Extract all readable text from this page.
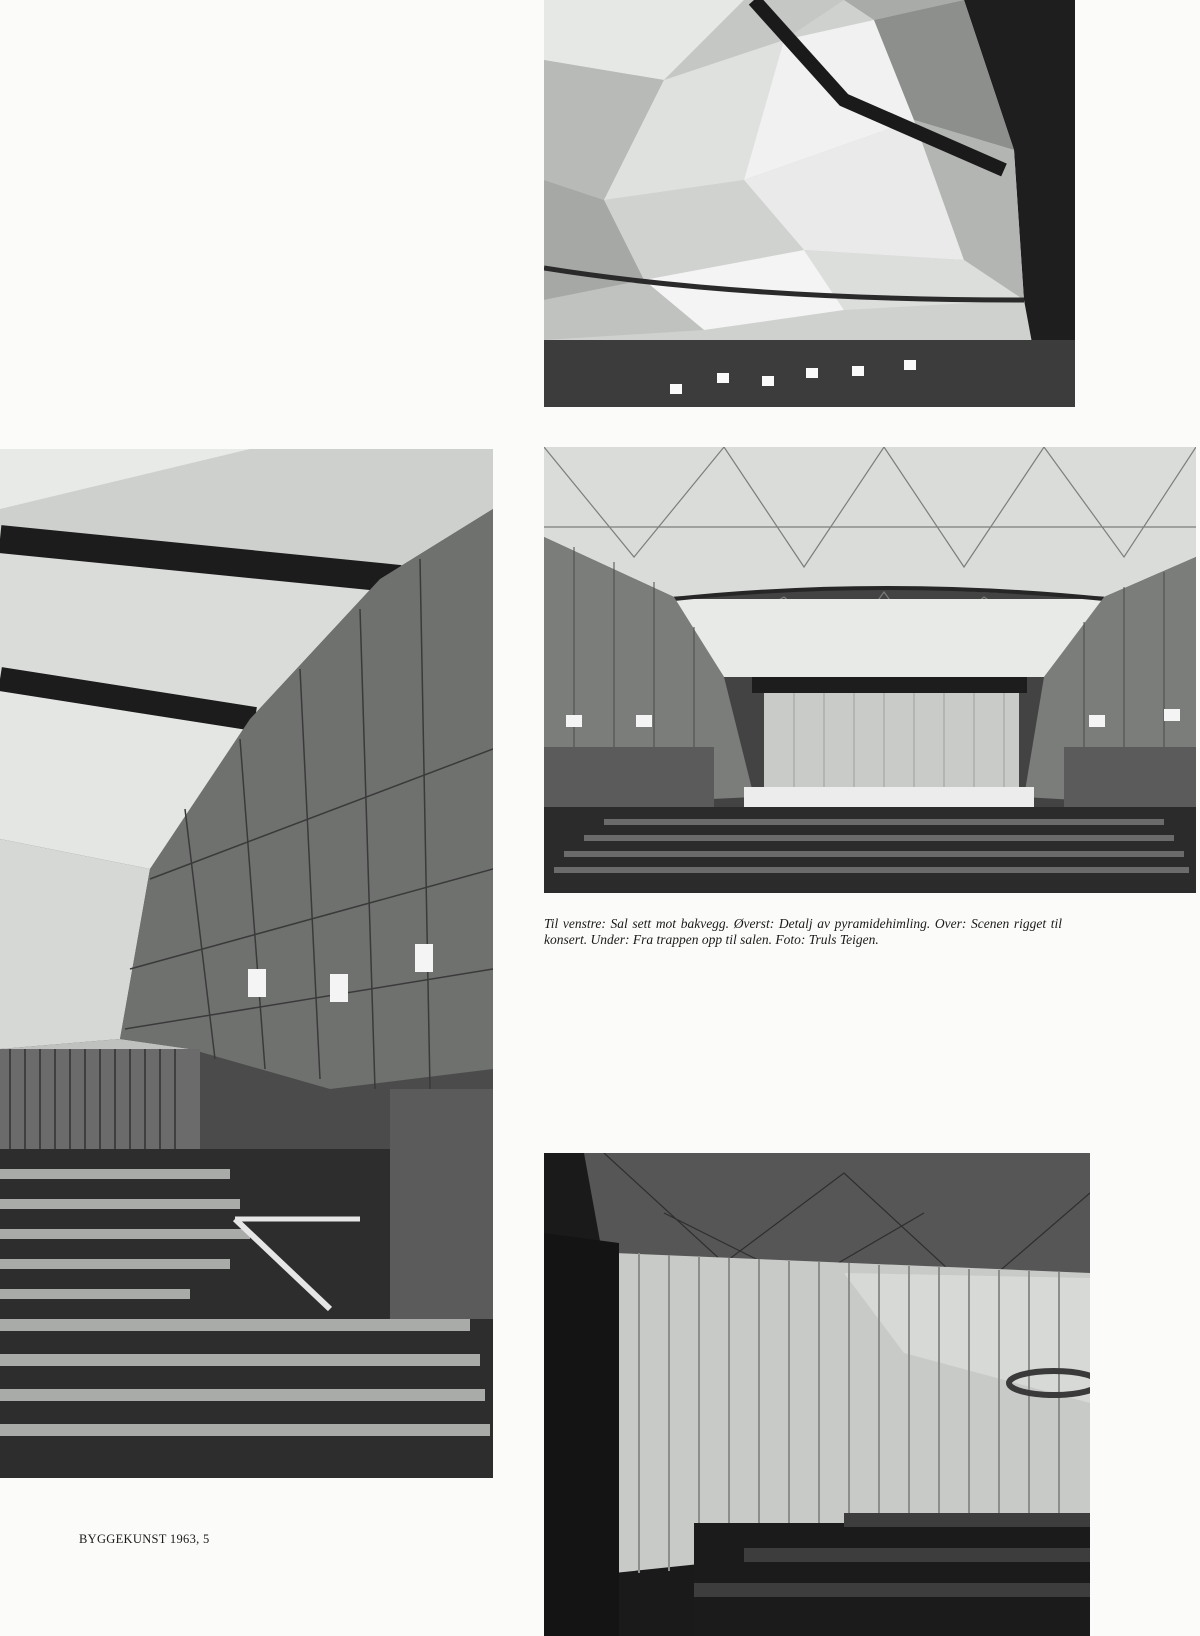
Til venstre: Sal sett mot bakvegg. Øverst: Detalj av pyramidehimling. Over: Scenen rigget til konsert. Under: Fra trappen opp til salen. Foto: Truls Teigen.

BYGGEKUNST 1963, 5
